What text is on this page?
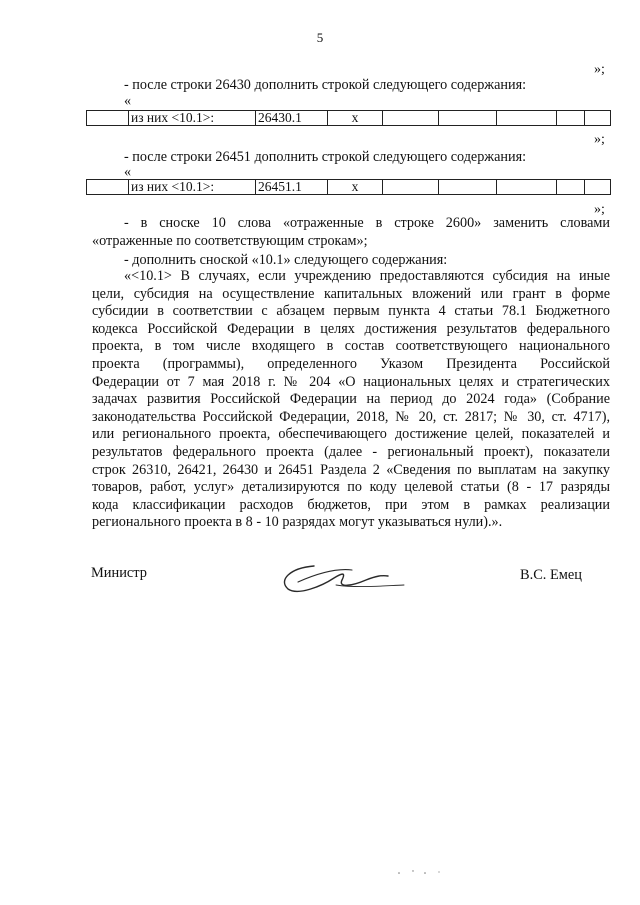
5
»;
- после строки 26430 дополнить строкой следующего содержания:
«
	из них <10.1>:	26430.1	x					
»;
- после строки 26451 дополнить строкой следующего содержания:
«
	из них <10.1>:	26451.1	x					
»;
- в сноске 10 слова «отраженные в строке 2600» заменить словами
«отраженные по соответствующим строкам»;
- дополнить сноской «10.1» следующего содержания:
«<10.1> В случаях, если учреждению предоставляются субсидия на иные
цели, субсидия на осуществление капитальных вложений или грант в форме
субсидии в соответствии с абзацем первым пункта 4 статьи 78.1 Бюджетного
кодекса Российской Федерации в целях достижения результатов федерального
проекта, в том числе входящего в состав соответствующего национального
проекта (программы), определенного Указом Президента Российской
Федерации от 7 мая 2018 г. № 204 «О национальных целях и стратегических
задачах развития Российской Федерации на период до 2024 года» (Собрание
законодательства Российской Федерации, 2018, № 20, ст. 2817; № 30, ст. 4717),
или регионального проекта, обеспечивающего достижение целей, показателей и
результатов федерального проекта (далее - региональный проект), показатели
строк 26310, 26421, 26430 и 26451 Раздела 2 «Сведения по выплатам на закупку
товаров, работ, услуг» детализируются по коду целевой статьи (8 - 17 разряды
кода классификации расходов бюджетов, при этом в рамках реализации
регионального проекта в 8 - 10 разрядах могут указываться нули).».
Министр	В.С. Емец
